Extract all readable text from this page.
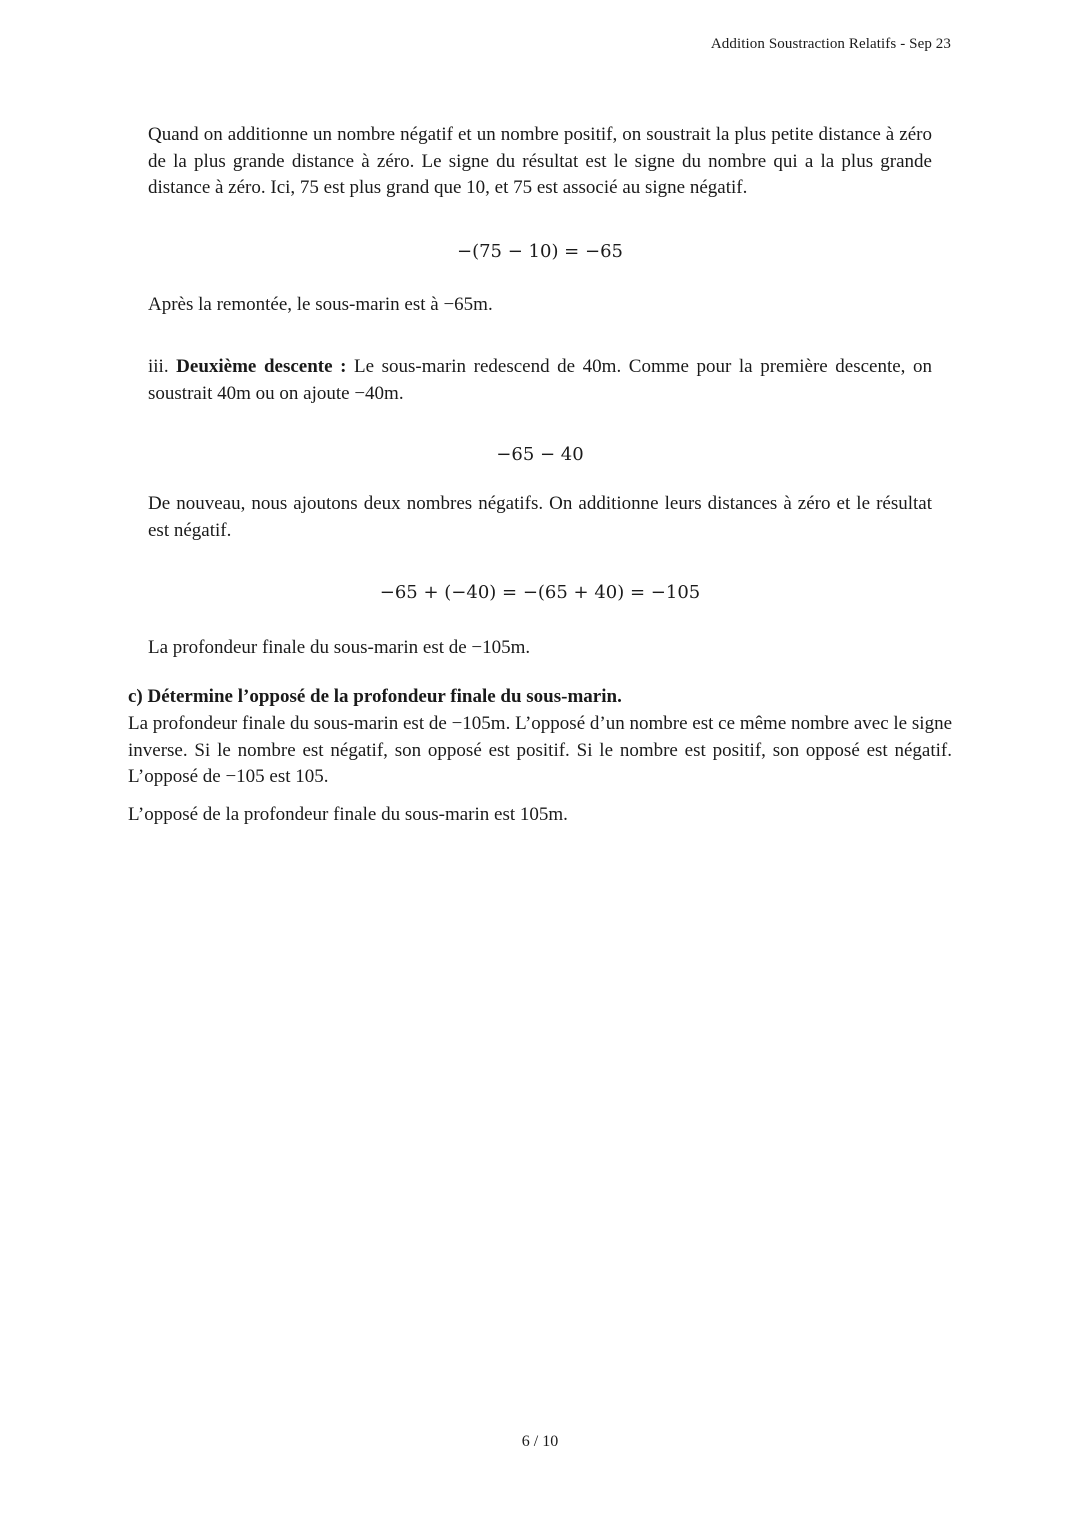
Addition Soustraction Relatifs - Sep 23
Quand on additionne un nombre négatif et un nombre positif, on soustrait la plus petite distance à zéro de la plus grande distance à zéro. Le signe du résultat est le signe du nombre qui a la plus grande distance à zéro. Ici, 75 est plus grand que 10, et 75 est associé au signe négatif.
−(75 − 10) = −65
Après la remontée, le sous-marin est à −65m.
iii. Deuxième descente : Le sous-marin redescend de 40m. Comme pour la première descente, on soustrait 40m ou on ajoute −40m.
−65 − 40
De nouveau, nous ajoutons deux nombres négatifs. On additionne leurs distances à zéro et le résultat est négatif.
−65 + (−40) = −(65 + 40) = −105
La profondeur finale du sous-marin est de −105m.
c) Détermine l’opposé de la profondeur finale du sous-marin.
La profondeur finale du sous-marin est de −105m. L’opposé d’un nombre est ce même nombre avec le signe inverse. Si le nombre est négatif, son opposé est positif. Si le nombre est positif, son opposé est négatif. L’opposé de −105 est 105.
L’opposé de la profondeur finale du sous-marin est 105m.
6 / 10
